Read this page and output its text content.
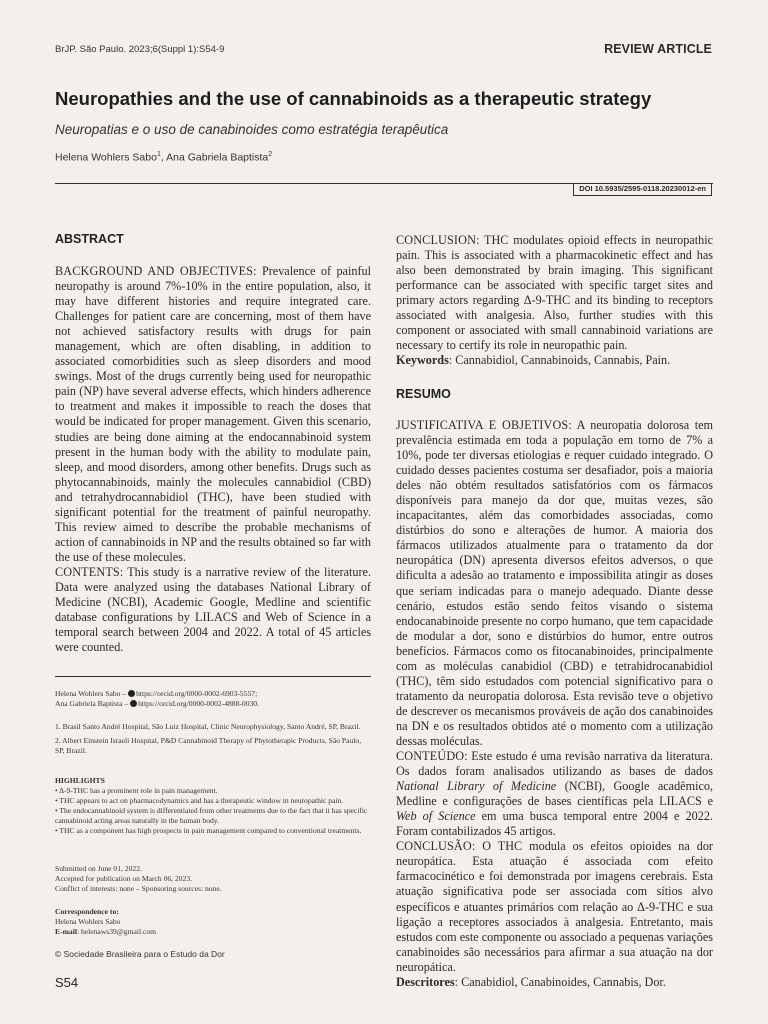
BrJP. São Paulo. 2023;6(Suppl 1):S54-9	REVIEW ARTICLE
Neuropathies and the use of cannabinoids as a therapeutic strategy
Neuropatias e o uso de canabinoides como estratégia terapêutica
Helena Wohlers Sabo$^1$, Ana Gabriela Baptista$^2$
DOI 10.5935/2595-0118.20230012-en
ABSTRACT

BACKGROUND AND OBJECTIVES: Prevalence of painful neuropathy is around 7%-10% in the entire population, also, it may have different histories and require integrated care. Challenges for patient care are concerning, most of them have not achieved satisfactory results with drugs for pain management, which are often disabling, in addition to associated comorbidities such as sleep disorders and mood swings. Most of the drugs currently being used for neuropathic pain (NP) have several adverse effects, which hinders adherence to treatment and makes it impossible to reach the doses that would be indicated for proper management. Given this scenario, studies are being done aiming at the endocannabinoid system present in the human body with the ability to modulate pain, sleep, and mood disorders, among other benefits. Drugs such as phytocannabinoids, mainly the molecules cannabidiol (CBD) and tetrahydrocannabidiol (THC), have been studied with significant potential for the treatment of painful neuropathy. This review aimed to describe the probable mechanisms of action of cannabinoids in NP and the results obtained so far with the use of these molecules.

CONTENTS: This study is a narrative review of the literature. Data were analyzed using the databases National Library of Medicine (NCBI), Academic Google, Medline and scientific database configurations by LILACS and Web of Science in a temporal search between 2004 and 2022. A total of 45 articles were counted.

CONCLUSION: THC modulates opioid effects in neuropathic pain. This is associated with a pharmacokinetic effect and has also been demonstrated by brain imaging. This significant performance can be associated with specific target sites and primary actors regarding Δ-9-THC and its binding to receptors associated with analgesia. Also, further studies with this component or associated with small cannabinoid variations are necessary to certify its role in neuropathic pain.

Keywords: Cannabidiol, Cannabinoids, Cannabis, Pain.

RESUMO

JUSTIFICATIVA E OBJETIVOS: A neuropatia dolorosa tem prevalência estimada em toda a população em torno de 7% a 10%, pode ter diversas etiologias e requer cuidado integrado. O cuidado desses pacientes costuma ser desafiador, pois a maioria deles não obtém resultados satisfatórios com os fármacos disponíveis para manejo da dor que, muitas vezes, são incapacitantes, além das comorbidades associadas, como distúrbios do sono e alterações de humor. A maioria dos fármacos utilizados atualmente para o tratamento da dor neuropática (DN) apresenta diversos efeitos adversos, o que dificulta a adesão ao tratamento e impossibilita atingir as doses que seriam indicadas para o manejo adequado. Diante desse cenário, estudos estão sendo feitos visando o sistema endocanabinoide presente no corpo humano, que tem capacidade de modular a dor, sono e distúrbios do humor, entre outros benefícios. Fármacos como os fitocanabinoides, principalmente com as moléculas canabidiol (CBD) e tetrahidrocanabidiol (THC), têm sido estudados com potencial significativo para o tratamento da neuropatia dolorosa. Esta revisão teve o objetivo de descrever os mecanismos prováveis de ação dos canabinoides na DN e os resultados obtidos até o momento com a utilização dessas moléculas.

CONTEÚDO: Este estudo é uma revisão narrativa da literatura. Os dados foram analisados utilizando as bases de dados National Library of Medicine (NCBI), Google acadêmico, Medline e configurações de bases científicas pela LILACS e Web of Science em uma busca temporal entre 2004 e 2022. Foram contabilizados 45 artigos.

CONCLUSÃO: O THC modula os efeitos opioides na dor neuropática. Esta atuação é associada com efeito farmacocinético e foi demonstrada por imagens cerebrais. Esta atuação significativa pode ser associada com sítios alvo específicos e atuantes primários com relação ao Δ-9-THC e sua ligação a receptores associados à analgesia. Entretanto, mais estudos com este componente ou associado a pequenas variações canabinoides são necessários para afirmar a sua atuação na dor neuropática.

Descritores: Canabidiol, Canabinoides, Cannabis, Dor.

Helena Wohlers Sabo – https://orcid.org/0000-0002-6903-5557;
Ana Gabriela Baptista – https://orcid.org/0000-0002-4888-0030.
1. Brasil Santo André Hospital, São Luiz Hospital, Clinic Neurophysiology, Santo André, SP, Brazil.
2. Albert Einstein Israeli Hospital, P&D Cannabinoid Therapy of Phytotherapic Products, São Paulo, SP, Brazil.
HIGHLIGHTS
• Δ-9-THC has a prominent role in pain management.
• THC appears to act on pharmacodynamics and has a therapeutic window in neuropathic pain.
• The endocannabinoid system is differentiated from other treatments due to the fact that it has specific cannabinoid acting areas naturally in the human body.
• THC as a component has high prospects in pain management compared to conventional treatments.
Submitted on June 01, 2022.
Accepted for publication on March 06, 2023.
Conflict of interests: none – Sponsoring sources: none.
Correspondence to:
Helena Wohlers Sabo
E-mail: helenaws39@gmail.com
© Sociedade Brasileira para o Estudo da Dor
S54
